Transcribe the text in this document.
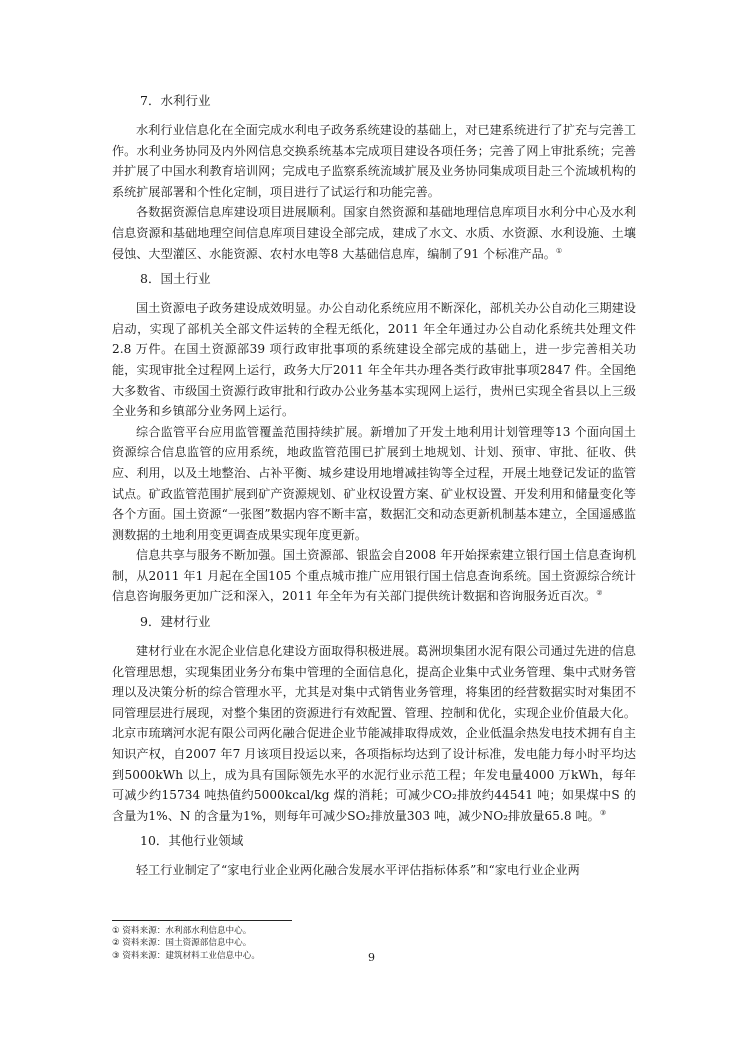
7．水利行业

水利行业信息化在全面完成水利电子政务系统建设的基础上，对已建系统进行了扩充与完善工作。水利业务协同及内外网信息交换系统基本完成项目建设各项任务；完善了网上审批系统；完善并扩展了中国水利教育培训网；完成电子监察系统流域扩展及业务协同集成项目赴三个流域机构的系统扩展部署和个性化定制，项目进行了试运行和功能完善。

各数据资源信息库建设项目进展顺利。国家自然资源和基础地理信息库项目水利分中心及水利信息资源和基础地理空间信息库项目建设全部完成，建成了水文、水质、水资源、水利设施、土壤侵蚀、大型灌区、水能资源、农村水电等8 大基础信息库，编制了91 个标准产品。①

8．国土行业

国土资源电子政务建设成效明显。办公自动化系统应用不断深化，部机关办公自动化三期建设启动，实现了部机关全部文件运转的全程无纸化，2011 年全年通过办公自动化系统共处理文件2.8 万件。在国土资源部39 项行政审批事项的系统建设全部完成的基础上，进一步完善相关功能，实现审批全过程网上运行，政务大厅2011 年全年共办理各类行政审批事项2847 件。全国绝大多数省、市级国土资源行政审批和行政办公业务基本实现网上运行，贵州已实现全省县以上三级全业务和乡镇部分业务网上运行。

综合监管平台应用监管覆盖范围持续扩展。新增加了开发土地利用计划管理等13 个面向国土资源综合信息监管的应用系统，地政监管范围已扩展到土地规划、计划、预审、审批、征收、供应、利用，以及土地整治、占补平衡、城乡建设用地增减挂钩等全过程，开展土地登记发证的监管试点。矿政监管范围扩展到矿产资源规划、矿业权设置方案、矿业权设置、开发利用和储量变化等各个方面。国土资源“一张图”数据内容不断丰富，数据汇交和动态更新机制基本建立，全国遥感监测数据的土地利用变更调查成果实现年度更新。

信息共享与服务不断加强。国土资源部、银监会自2008 年开始探索建立银行国土信息查询机制，从2011 年1 月起在全国105 个重点城市推广应用银行国土信息查询系统。国土资源综合统计信息咨询服务更加广泛和深入，2011 年全年为有关部门提供统计数据和咨询服务近百次。②

9．建材行业

建材行业在水泥企业信息化建设方面取得积极进展。葛洲坝集团水泥有限公司通过先进的信息化管理思想，实现集团业务分布集中管理的全面信息化，提高企业集中式业务管理、集中式财务管理以及决策分析的综合管理水平，尤其是对集中式销售业务管理，将集团的经营数据实时对集团不同管理层进行展现，对整个集团的资源进行有效配置、管理、控制和优化，实现企业价值最大化。北京市琉璃河水泥有限公司两化融合促进企业节能减排取得成效，企业低温余热发电技术拥有自主知识产权，自2007 年7 月该项目投运以来，各项指标均达到了设计标准，发电能力每小时平均达到5000kWh 以上，成为具有国际领先水平的水泥行业示范工程；年发电量4000 万kWh，每年可减少约15734 吨热值约5000kcal/kg 煤的消耗；可减少CO₂排放约44541 吨；如果煤中S 的含量为1%、N 的含量为1%，则每年可减少SO₂排放量303 吨，减少NO₂排放量65.8 吨。③

10．其他行业领域

轻工行业制定了“家电行业企业两化融合发展水平评估指标体系”和“家电行业企业两

① 资料来源：水利部水利信息中心。

② 资料来源：国土资源部信息中心。

③ 资料来源：建筑材料工业信息中心。	9
